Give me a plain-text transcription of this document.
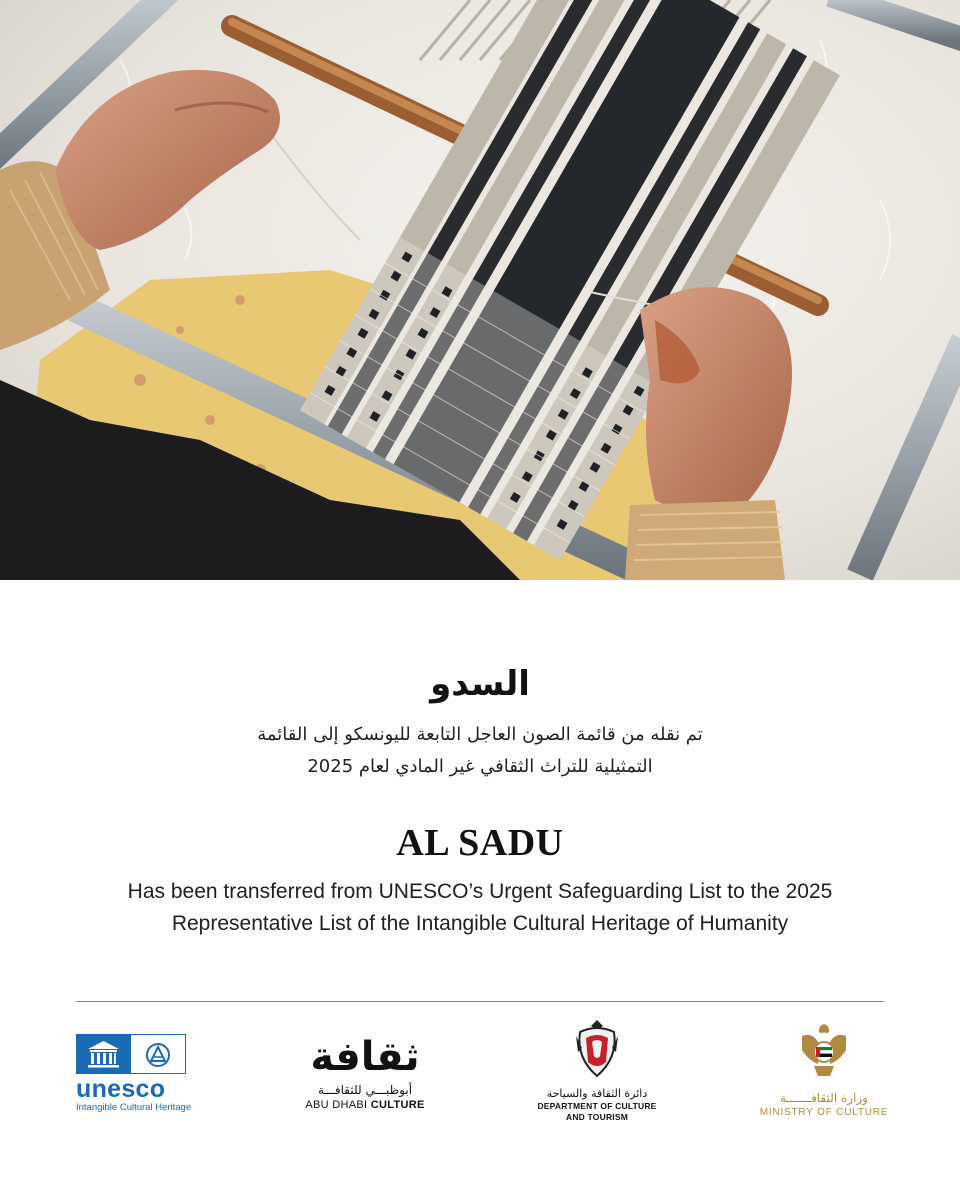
السدو
تم نقله من قائمة الصون العاجل التابعة لليونسكو إلى القائمة
التمثيلية للتراث الثقافي غير المادي لعام 2025
AL SADU
Has been transferred from UNESCO’s Urgent Safeguarding List to the 2025
Representative List of the Intangible Cultural Heritage of Humanity
unesco
Intangible Cultural Heritage
ثقافة
أبوظبـــي للثقافـــة
ABU DHABI CULTURE
دائرة الثقافة والسياحة
DEPARTMENT OF CULTURE
AND TOURISM
وزارة الثقافـــــــة
MINISTRY OF CULTURE
